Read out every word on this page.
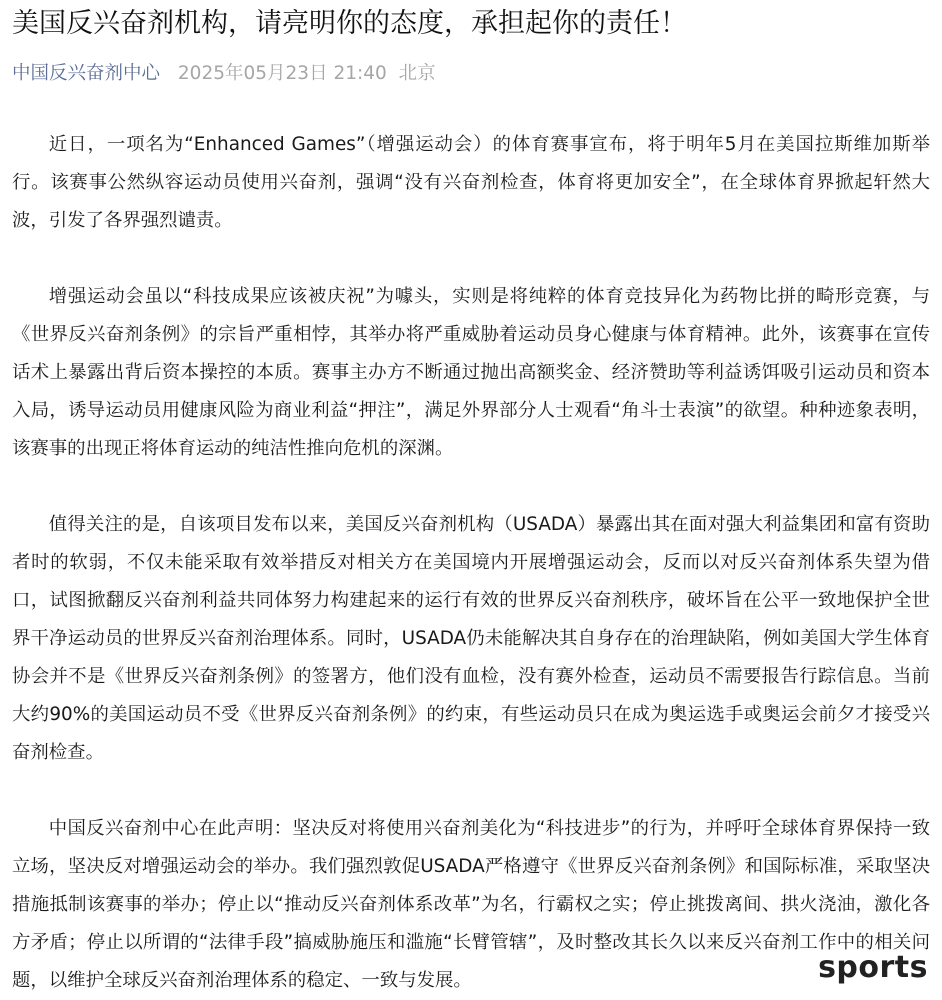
美国反兴奋剂机构，请亮明你的态度，承担起你的责任！
中国反兴奋剂中心 2025年05月23日 21:40 北京

近日，一项名为“Enhanced Games”（增强运动会）的体育赛事宣布，将于明年5月在美国拉斯维加斯举行。该赛事公然纵容运动员使用兴奋剂，强调“没有兴奋剂检查，体育将更加安全”，在全球体育界掀起轩然大波，引发了各界强烈谴责。

增强运动会虽以“科技成果应该被庆祝”为噱头，实则是将纯粹的体育竞技异化为药物比拼的畸形竞赛，与《世界反兴奋剂条例》的宗旨严重相悖，其举办将严重威胁着运动员身心健康与体育精神。此外，该赛事在宣传话术上暴露出背后资本操控的本质。赛事主办方不断通过抛出高额奖金、经济赞助等利益诱饵吸引运动员和资本入局，诱导运动员用健康风险为商业利益“押注”，满足外界部分人士观看“角斗士表演”的欲望。种种迹象表明，该赛事的出现正将体育运动的纯洁性推向危机的深渊。

值得关注的是，自该项目发布以来，美国反兴奋剂机构（USADA）暴露出其在面对强大利益集团和富有资助者时的软弱，不仅未能采取有效举措反对相关方在美国境内开展增强运动会，反而以对反兴奋剂体系失望为借口，试图掀翻反兴奋剂利益共同体努力构建起来的运行有效的世界反兴奋剂秩序，破坏旨在公平一致地保护全世界干净运动员的世界反兴奋剂治理体系。同时，USADA仍未能解决其自身存在的治理缺陷，例如美国大学生体育协会并不是《世界反兴奋剂条例》的签署方，他们没有血检，没有赛外检查，运动员不需要报告行踪信息。当前大约90%的美国运动员不受《世界反兴奋剂条例》的约束，有些运动员只在成为奥运选手或奥运会前夕才接受兴奋剂检查。

中国反兴奋剂中心在此声明：坚决反对将使用兴奋剂美化为“科技进步”的行为，并呼吁全球体育界保持一致立场，坚决反对增强运动会的举办。我们强烈敦促USADA严格遵守《世界反兴奋剂条例》和国际标准，采取坚决措施抵制该赛事的举办；停止以“推动反兴奋剂体系改革”为名，行霸权之实；停止挑拨离间、拱火浇油，激化各方矛盾；停止以所谓的“法律手段”搞威胁施压和滥施“长臂管辖”，及时整改其长久以来反兴奋剂工作中的相关问题，以维护全球反兴奋剂治理体系的稳定、一致与发展。	sports
